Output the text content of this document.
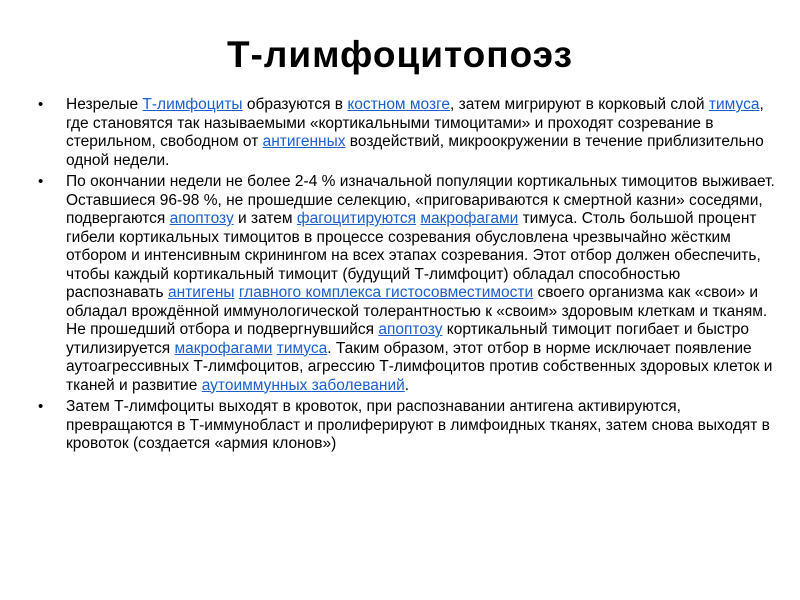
Т-лимфоцитопоэз
•	Незрелые Т-лимфоциты образуются в костном мозге, затем мигрируют в корковый слой тимуса, где становятся так называемыми «кортикальными тимоцитами» и проходят созревание в стерильном, свободном от антигенных воздействий, микроокружении в течение приблизительно одной недели.
•	По окончании недели не более 2-4 % изначальной популяции кортикальных тимоцитов выживает. Оставшиеся 96-98 %, не прошедшие селекцию, «приговариваются к смертной казни» соседями, подвергаются апоптозу и затем фагоцитируются макрофагами тимуса. Столь большой процент гибели кортикальных тимоцитов в процессе созревания обусловлена чрезвычайно жёстким отбором и интенсивным скринингом на всех этапах созревания. Этот отбор должен обеспечить, чтобы каждый кортикальный тимоцит (будущий Т-лимфоцит) обладал способностью распознавать антигены главного комплекса гистосовместимости своего организма как «свои» и обладал врождённой иммунологической толерантностью к «своим» здоровым клеткам и тканям. Не прошедший отбора и подвергнувшийся апоптозу кортикальный тимоцит погибает и быстро утилизируется макрофагами тимуса. Таким образом, этот отбор в норме исключает появление аутоагрессивных Т-лимфоцитов, агрессию Т-лимфоцитов против собственных здоровых клеток и тканей и развитие аутоиммунных заболеваний.
•	Затем Т-лимфоциты выходят в кровоток, при распознавании антигена активируются, превращаются в Т-иммунобласт и пролиферируют в лимфоидных тканях, затем снова выходят в кровоток (создается «армия клонов»)
